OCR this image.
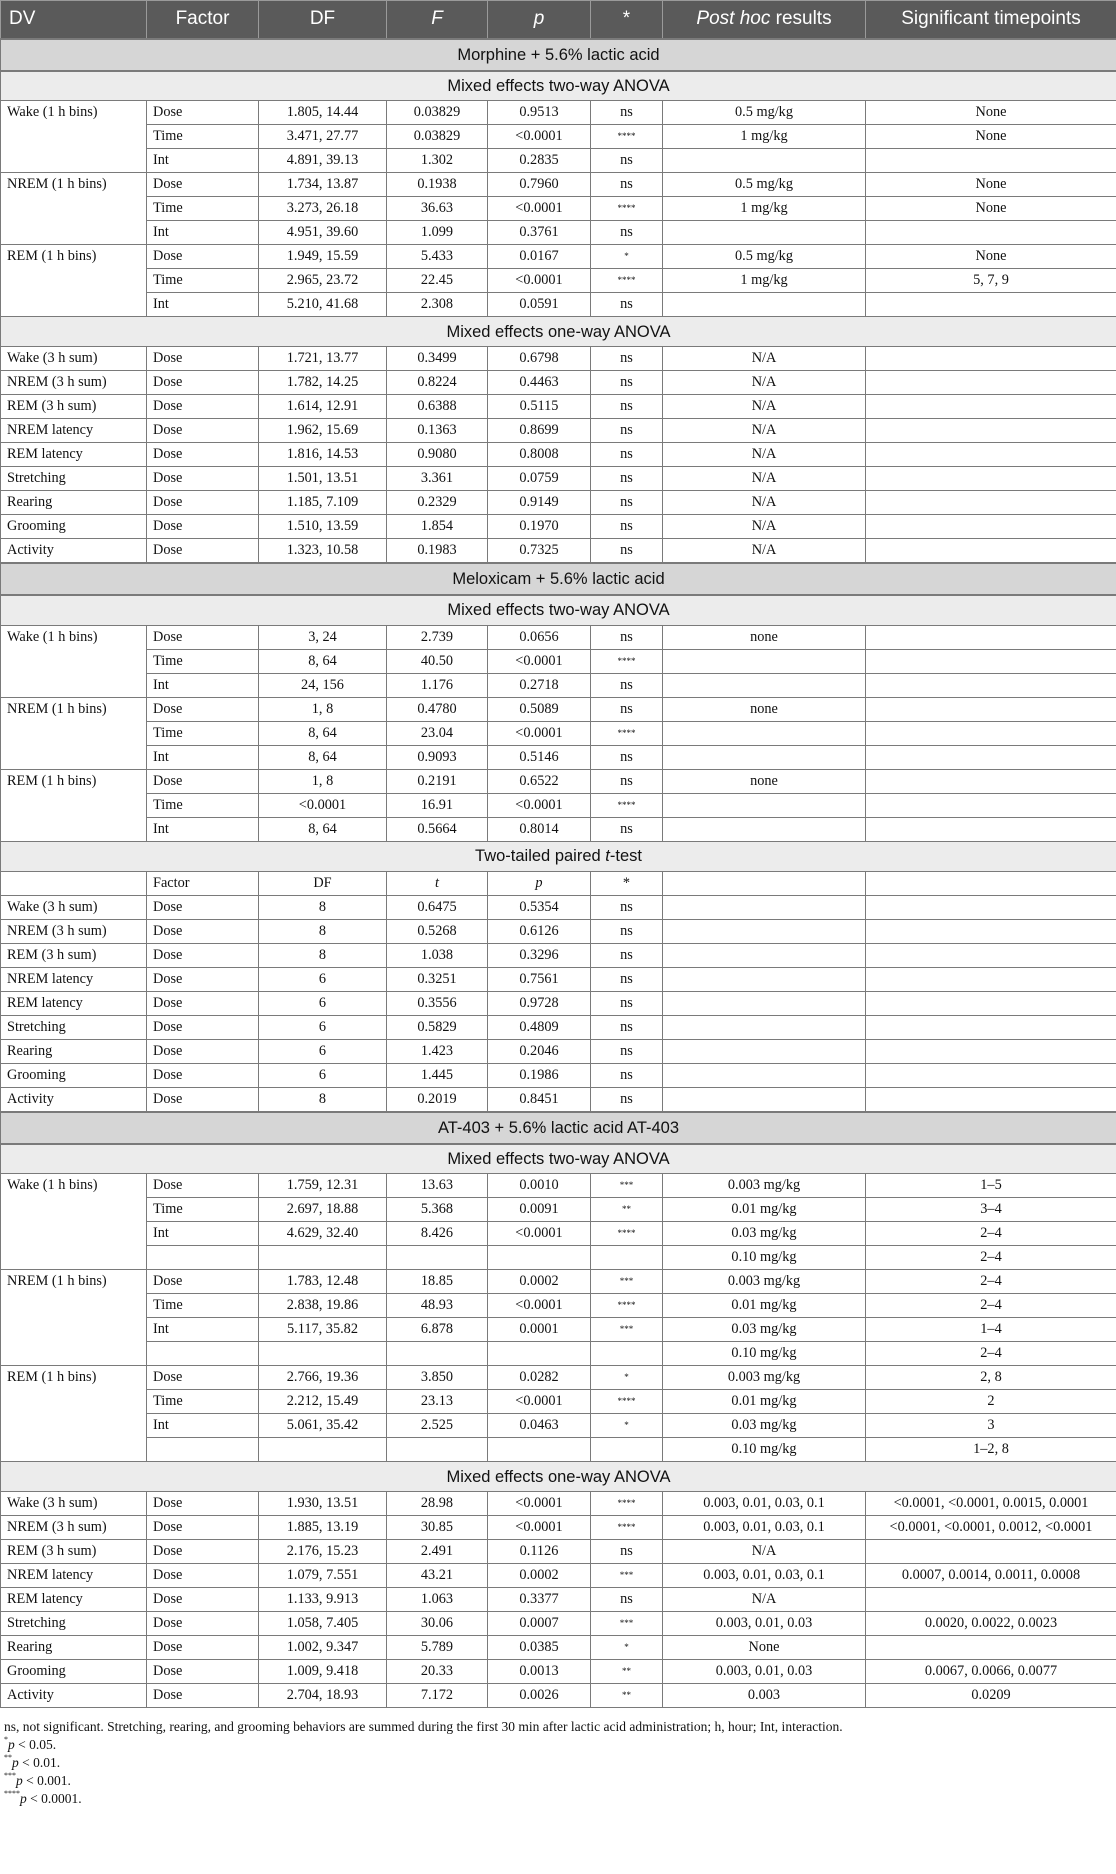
DV	Factor	DF	F	p	*	Post hoc results	Significant timepoints
Morphine + 5.6% lactic acid							
Mixed effects two-way ANOVA							
Wake (1 h bins)	Dose	1.805, 14.44	0.03829	0.9513	ns	0.5 mg/kg	None
	Time	3.471, 27.77	0.03829	<0.0001	****	1 mg/kg	None
	Int	4.891, 39.13	1.302	0.2835	ns		
NREM (1 h bins)	Dose	1.734, 13.87	0.1938	0.7960	ns	0.5 mg/kg	None
	Time	3.273, 26.18	36.63	<0.0001	****	1 mg/kg	None
	Int	4.951, 39.60	1.099	0.3761	ns		
REM (1 h bins)	Dose	1.949, 15.59	5.433	0.0167	*	0.5 mg/kg	None
	Time	2.965, 23.72	22.45	<0.0001	****	1 mg/kg	5, 7, 9
	Int	5.210, 41.68	2.308	0.0591	ns		
Mixed effects one-way ANOVA							
Wake (3 h sum)	Dose	1.721, 13.77	0.3499	0.6798	ns	N/A	
NREM (3 h sum)	Dose	1.782, 14.25	0.8224	0.4463	ns	N/A	
REM (3 h sum)	Dose	1.614, 12.91	0.6388	0.5115	ns	N/A	
NREM latency	Dose	1.962, 15.69	0.1363	0.8699	ns	N/A	
REM latency	Dose	1.816, 14.53	0.9080	0.8008	ns	N/A	
Stretching	Dose	1.501, 13.51	3.361	0.0759	ns	N/A	
Rearing	Dose	1.185, 7.109	0.2329	0.9149	ns	N/A	
Grooming	Dose	1.510, 13.59	1.854	0.1970	ns	N/A	
Activity	Dose	1.323, 10.58	0.1983	0.7325	ns	N/A	
Meloxicam + 5.6% lactic acid							
Mixed effects two-way ANOVA							
Wake (1 h bins)	Dose	3, 24	2.739	0.0656	ns	none	
	Time	8, 64	40.50	<0.0001	****		
	Int	24, 156	1.176	0.2718	ns		
NREM (1 h bins)	Dose	1, 8	0.4780	0.5089	ns	none	
	Time	8, 64	23.04	<0.0001	****		
	Int	8, 64	0.9093	0.5146	ns		
REM (1 h bins)	Dose	1, 8	0.2191	0.6522	ns	none	
	Time	<0.0001	16.91	<0.0001	****		
	Int	8, 64	0.5664	0.8014	ns		
Two-tailed paired t-test							
	Factor	DF	t	p	*		
Wake (3 h sum)	Dose	8	0.6475	0.5354	ns		
NREM (3 h sum)	Dose	8	0.5268	0.6126	ns		
REM (3 h sum)	Dose	8	1.038	0.3296	ns		
NREM latency	Dose	6	0.3251	0.7561	ns		
REM latency	Dose	6	0.3556	0.9728	ns		
Stretching	Dose	6	0.5829	0.4809	ns		
Rearing	Dose	6	1.423	0.2046	ns		
Grooming	Dose	6	1.445	0.1986	ns		
Activity	Dose	8	0.2019	0.8451	ns		
AT-403 + 5.6% lactic acid AT-403							
Mixed effects two-way ANOVA							
Wake (1 h bins)	Dose	1.759, 12.31	13.63	0.0010	***	0.003 mg/kg	1–5
	Time	2.697, 18.88	5.368	0.0091	**	0.01 mg/kg	3–4
	Int	4.629, 32.40	8.426	<0.0001	****	0.03 mg/kg	2–4
						0.10 mg/kg	2–4
NREM (1 h bins)	Dose	1.783, 12.48	18.85	0.0002	***	0.003 mg/kg	2–4
	Time	2.838, 19.86	48.93	<0.0001	****	0.01 mg/kg	2–4
	Int	5.117, 35.82	6.878	0.0001	***	0.03 mg/kg	1–4
						0.10 mg/kg	2–4
REM (1 h bins)	Dose	2.766, 19.36	3.850	0.0282	*	0.003 mg/kg	2, 8
	Time	2.212, 15.49	23.13	<0.0001	****	0.01 mg/kg	2
	Int	5.061, 35.42	2.525	0.0463	*	0.03 mg/kg	3
						0.10 mg/kg	1–2, 8
Mixed effects one-way ANOVA							
Wake (3 h sum)	Dose	1.930, 13.51	28.98	<0.0001	****	0.003, 0.01, 0.03, 0.1	<0.0001, <0.0001, 0.0015, 0.0001
NREM (3 h sum)	Dose	1.885, 13.19	30.85	<0.0001	****	0.003, 0.01, 0.03, 0.1	<0.0001, <0.0001, 0.0012, <0.0001
REM (3 h sum)	Dose	2.176, 15.23	2.491	0.1126	ns	N/A	
NREM latency	Dose	1.079, 7.551	43.21	0.0002	***	0.003, 0.01, 0.03, 0.1	0.0007, 0.0014, 0.0011, 0.0008
REM latency	Dose	1.133, 9.913	1.063	0.3377	ns	N/A	
Stretching	Dose	1.058, 7.405	30.06	0.0007	***	0.003, 0.01, 0.03	0.0020, 0.0022, 0.0023
Rearing	Dose	1.002, 9.347	5.789	0.0385	*	None	
Grooming	Dose	1.009, 9.418	20.33	0.0013	**	0.003, 0.01, 0.03	0.0067, 0.0066, 0.0077
Activity	Dose	2.704, 18.93	7.172	0.0026	**	0.003	0.0209
ns, not significant. Stretching, rearing, and grooming behaviors are summed during the first 30 min after lactic acid administration; h, hour; Int, interaction.
*p < 0.05.
**p < 0.01.
***p < 0.001.
****p < 0.0001.
